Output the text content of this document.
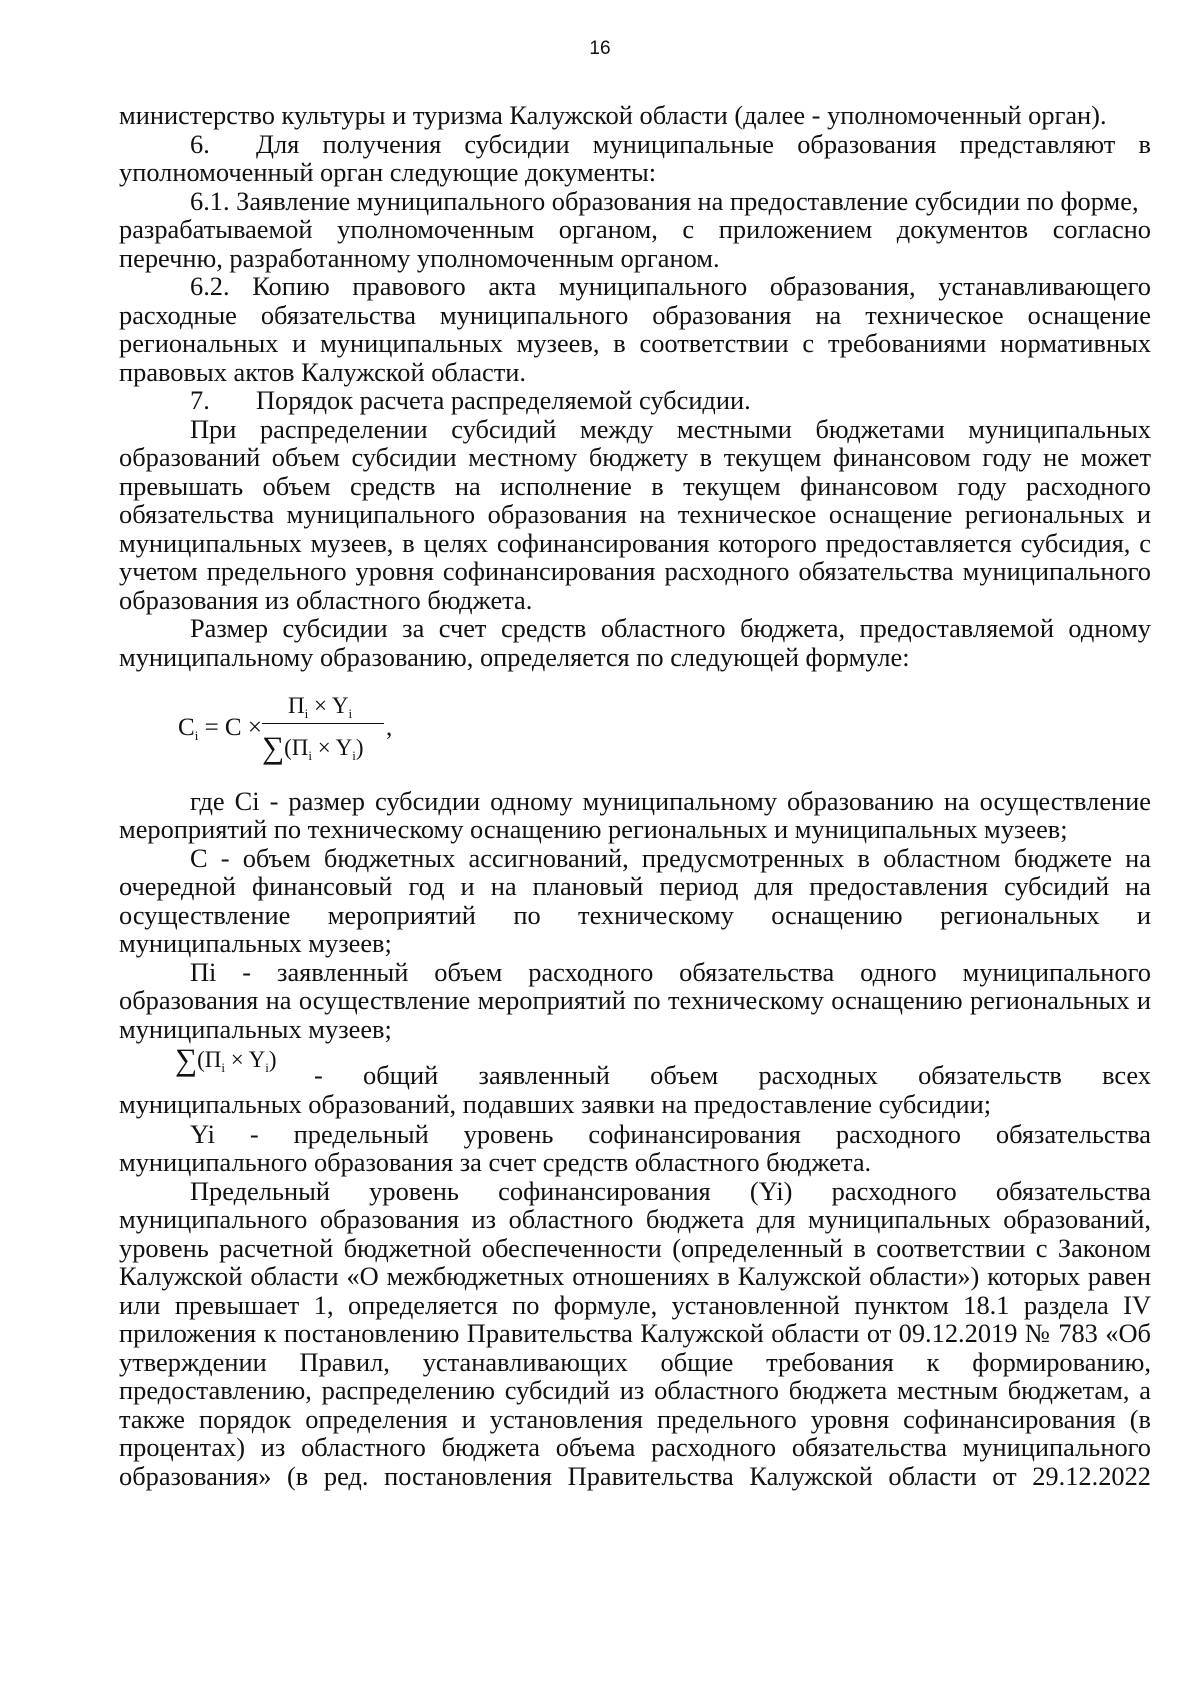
16

министерство культуры и туризма Калужской области (далее - уполномоченный орган).

6. Для получения субсидии муниципальные образования представляют в

уполномоченный орган следующие документы:

6.1. Заявление муниципального образования на предоставление субсидии по форме,

разрабатываемой уполномоченным органом, с приложением документов согласно

перечню, разработанному уполномоченным органом.

6.2. Копию правового акта муниципального образования, устанавливающего

расходные обязательства муниципального образования на техническое оснащение

региональных и муниципальных музеев, в соответствии с требованиями нормативных

правовых актов Калужской области.

7. Порядок расчета распределяемой субсидии.

При распределении субсидий между местными бюджетами муниципальных

образований объем субсидии местному бюджету в текущем финансовом году не может

превышать объем средств на исполнение в текущем финансовом году расходного

обязательства муниципального образования на техническое оснащение региональных и

муниципальных музеев, в целях софинансирования которого предоставляется субсидия, с

учетом предельного уровня софинансирования расходного обязательства муниципального

образования из областного бюджета.

Размер субсидии за счет средств областного бюджета, предоставляемой одному

муниципальному образованию, определяется по следующей формуле:

$C_i = C$ ×
$П_i \times Y_i$
$\sum(П_i \times Y_i)$
,

где Ci - размер субсидии одному муниципальному образованию на осуществление

мероприятий по техническому оснащению региональных и муниципальных музеев;

С - объем бюджетных ассигнований, предусмотренных в областном бюджете на

очередной финансовый год и на плановый период для предоставления субсидий на

осуществление мероприятий по техническому оснащению региональных и

муниципальных музеев;

Пi - заявленный объем расходного обязательства одного муниципального

образования на осуществление мероприятий по техническому оснащению региональных и

муниципальных музеев;

$\sum(П_i \times Y_i)$

- общий заявленный объем расходных обязательств всех

муниципальных образований, подавших заявки на предоставление субсидии;

Yi - предельный уровень софинансирования расходного обязательства

муниципального образования за счет средств областного бюджета.

Предельный уровень софинансирования (Yi) расходного обязательства

муниципального образования из областного бюджета для муниципальных образований,

уровень расчетной бюджетной обеспеченности (определенный в соответствии с Законом

Калужской области «О межбюджетных отношениях в Калужской области») которых равен

или превышает 1, определяется по формуле, установленной пунктом 18.1 раздела IV

приложения к постановлению Правительства Калужской области от 09.12.2019 № 783 «Об

утверждении Правил, устанавливающих общие требования к формированию,

предоставлению, распределению субсидий из областного бюджета местным бюджетам, а

также порядок определения и установления предельного уровня софинансирования (в

процентах) из областного бюджета объема расходного обязательства муниципального

образования» (в ред. постановления Правительства Калужской области от 29.12.2022
